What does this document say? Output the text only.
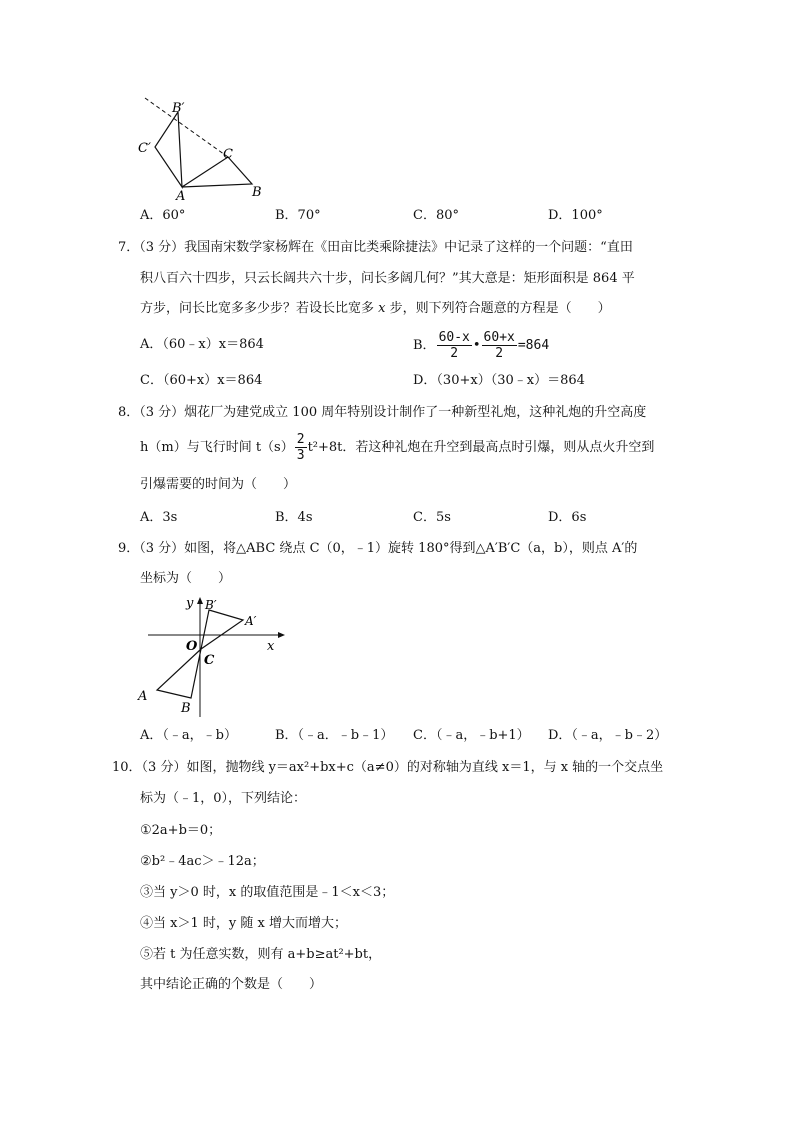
B′
C′	C
A	B
A．60°	B．70°	C．80°	D．100°
7．（3 分）我国南宋数学家杨辉在《田亩比类乘除捷法》中记录了这样的一个问题：“直田
积八百六十四步，只云长阔共六十步，问长多阔几何？”其大意是：矩形面积是 864 平
方步，问长比宽多多少步？若设长比宽多 x 步，则下列符合题意的方程是（　　）
A．（60﹣x）x＝864	B． $\frac{60-x}{2}$ • $\frac{60+x}{2} =864$
C．（60+x）x＝864	D．（30+x）（30﹣x）＝864
8．（3 分）烟花厂为建党成立 100 周年特别设计制作了一种新型礼炮，这种礼炮的升空高度
h（m）与飞行时间 $t(s) \frac{2}{3} t^2+8t$．若这种礼炮在升空到最高点时引爆，则从点火升空到
引爆需要的时间为（　　）
A．3s	B．4s	C．5s	D．6s
9．（3 分）如图，将△ABC 绕点 C（0，﹣1）旋转 180°得到△A′B′C（a，b），则点 A′的
坐标为（　　）
y
x
O
C
B′
A′
A
B
A．（﹣a，﹣b）	B．（﹣a．﹣b﹣1） C．（﹣a，﹣b+1） D．（﹣a，﹣b﹣2）
10．（3 分）如图，抛物线 y＝ax²+bx+c（a≠0）的对称轴为直线 x＝1，与 x 轴的一个交点坐
标为（﹣1，0），下列结论：
①2a+b＝0；
②b²﹣4ac＞﹣12a；
③当 y＞0 时，x 的取值范围是﹣1＜x＜3；
④当 x＞1 时，y 随 x 增大而增大；
⑤若 t 为任意实数，则有 a+b≥at²+bt，
其中结论正确的个数是（　　）
